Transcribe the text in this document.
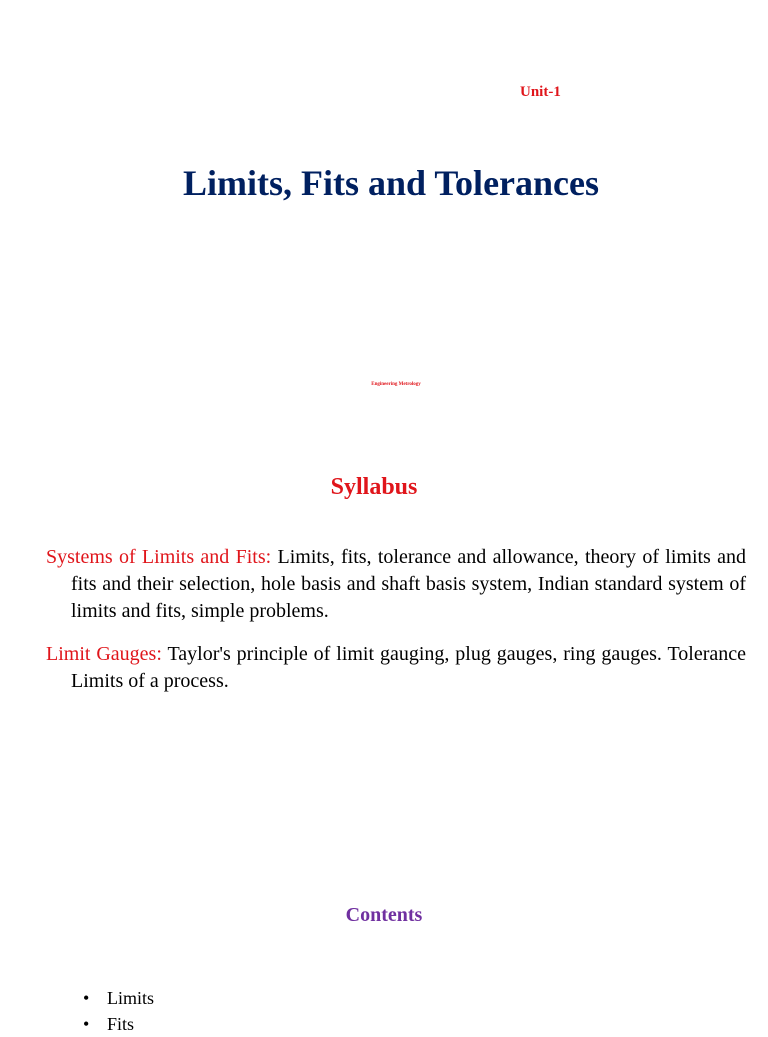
Unit-1
Limits, Fits and Tolerances
Engineering Metrology
Syllabus

Systems of Limits and Fits: Limits, fits, tolerance and allowance, theory of limits and fits and their selection, hole basis and shaft basis system, Indian standard system of limits and fits, simple problems.

Limit Gauges: Taylor's principle of limit gauging, plug gauges, ring gauges. Tolerance Limits of a process.

Contents
• Limits
• Fits
